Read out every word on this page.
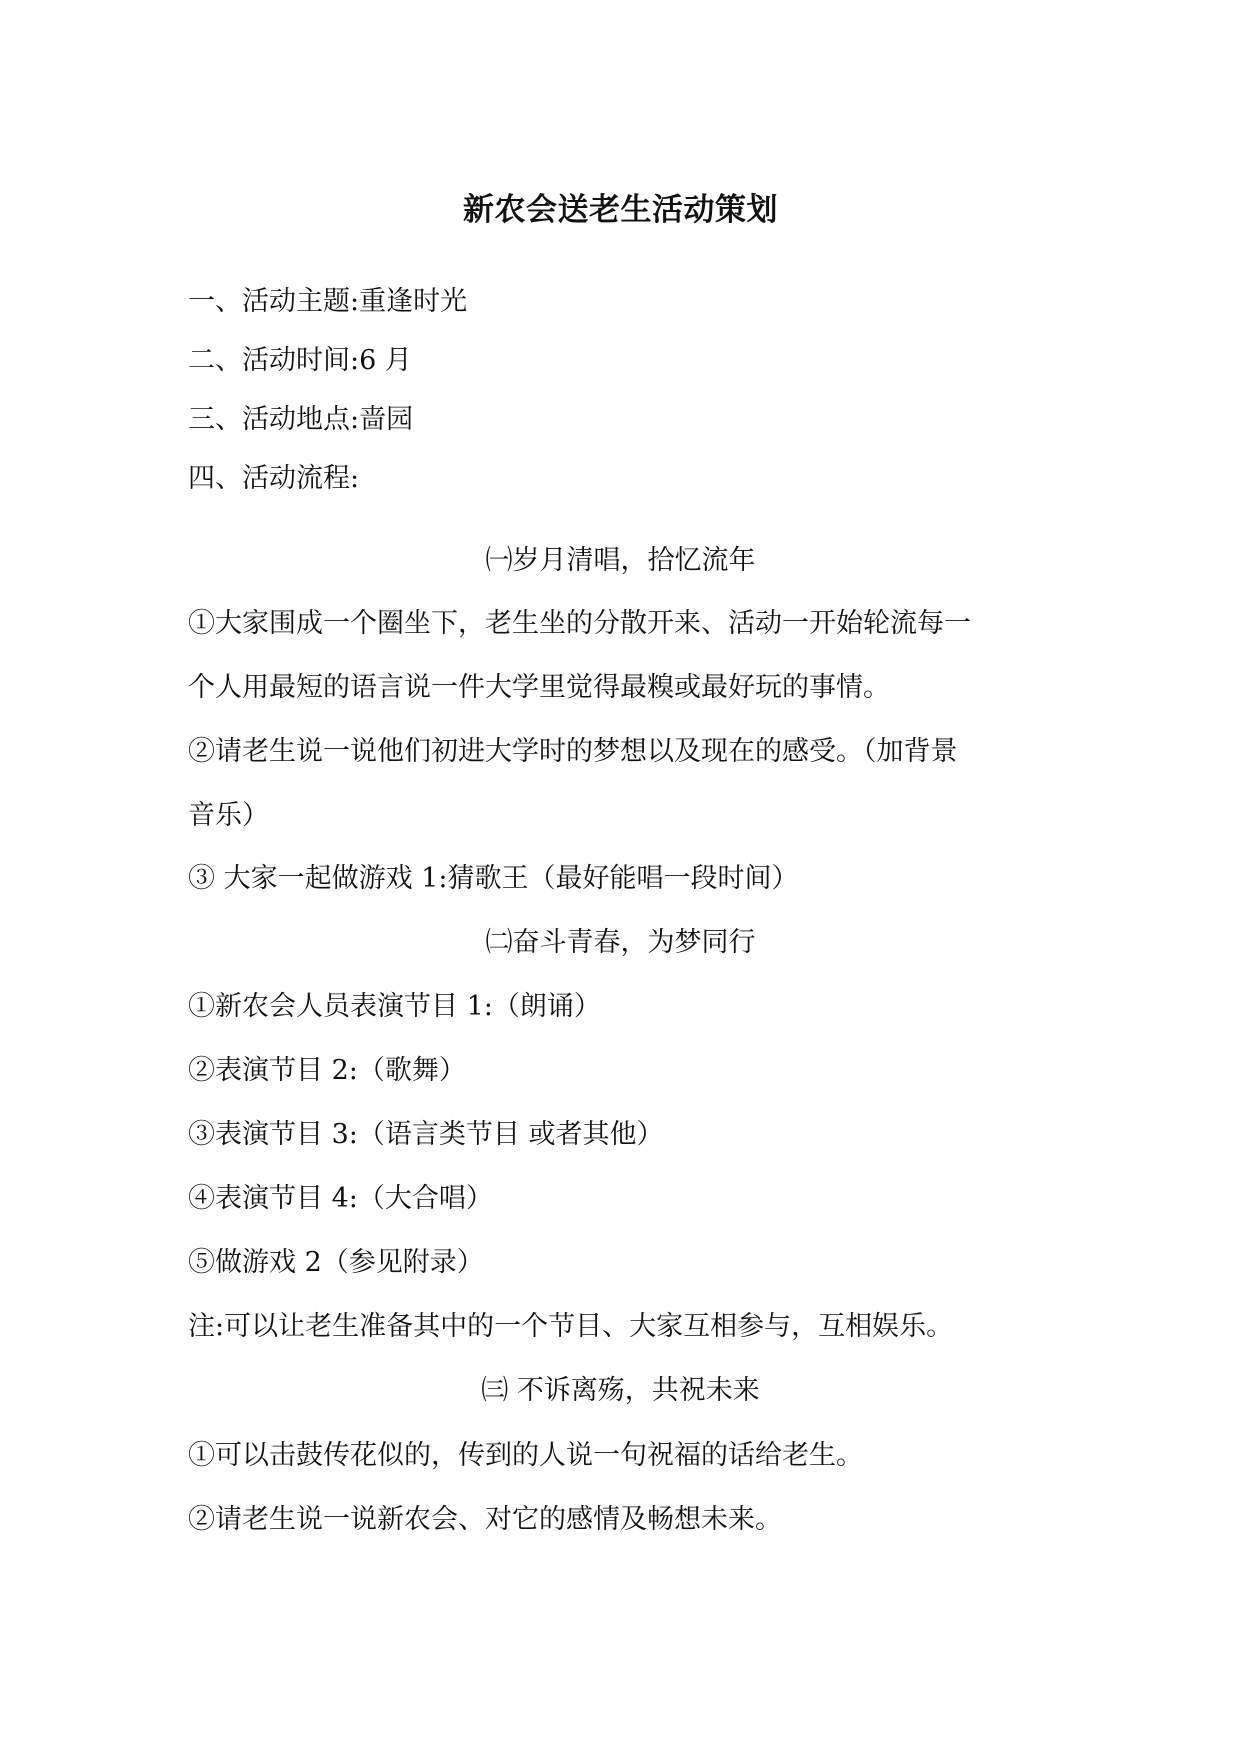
新农会送老生活动策划
一、活动主题:重逢时光
二、活动时间:6 月
三、活动地点:啬园
四、活动流程:
㈠岁月清唱，拾忆流年
①大家围成一个圈坐下，老生坐的分散开来、活动一开始轮流每一
个人用最短的语言说一件大学里觉得最糗或最好玩的事情。
②请老生说一说他们初进大学时的梦想以及现在的感受。（加背景
音乐）
③ 大家一起做游戏 1:猜歌王（最好能唱一段时间）
㈡奋斗青春，为梦同行
①新农会人员表演节目 1:（朗诵）
②表演节目 2:（歌舞）
③表演节目 3:（语言类节目 或者其他）
④表演节目 4:（大合唱）
⑤做游戏 2（参见附录）
注:可以让老生准备其中的一个节目、大家互相参与，互相娱乐。
㈢ 不诉离殇，共祝未来
①可以击鼓传花似的，传到的人说一句祝福的话给老生。
②请老生说一说新农会、对它的感情及畅想未来。
